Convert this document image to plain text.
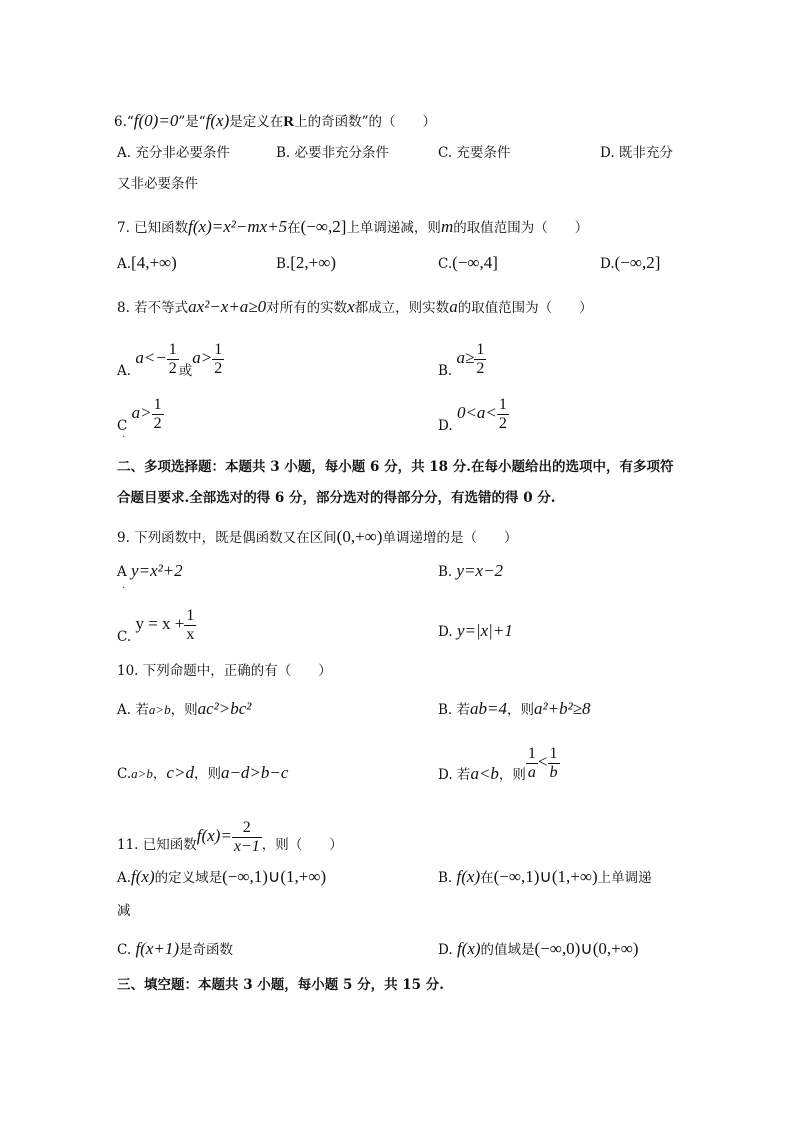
6.“f(0)=0”是“f(x)是定义在R上的奇函数”的（　　）
A. 充分非必要条件	B. 必要非充分条件	C. 充要条件	D. 既非充分
又非必要条件
7. 已知函数f(x)=x²−mx+5在(−∞,2]上单调递减，则m的取值范围为（　　）
A.[4,+∞)	B.[2,+∞)	C.(−∞,4]	D.(−∞,2]
8. 若不等式ax²−x+a≥0对所有的实数x都成立，则实数a的取值范围为（　　）
A. $a<- \frac{1}{2}$ 或$a> \frac{1}{2}$	B. $a\ge \frac{1}{2}$
C $a> \frac{1}{2}$
·
D. $0<a< \frac{1}{2}$
二、多项选择题：本题共 3 小题，每小题 6 分，共 18 分.在每小题给出的选项中，有多项符
合题目要求.全部选对的得 6 分，部分选对的得部分分，有选错的得 0 分.
9. 下列函数中，既是偶函数又在区间(0,+∞)单调递增的是（　　）
A y=x²+2
·
B. y=x−2
C. $y = x + \frac{1}{x}$	D. y=|x|+1
10. 下列命题中，正确的有（　　）
A. 若a>b，则ac²>bc²	B. 若ab=4，则a²+b²≥8
C.a>b，c>d，则a−d>b−c	D. 若a<b，则 $\frac{1}{a} < \frac{1}{b}$
11. 已知函数$f(x)= \frac{2}{x-1}$ ，则（　　）
A.f(x)的定义域是(−∞,1)∪(1,+∞)	B. f(x)在(−∞,1)∪(1,+∞)上单调递
减
C. f(x+1)是奇函数	D. f(x)的值域是(−∞,0)∪(0,+∞)
三、填空题：本题共 3 小题，每小题 5 分，共 15 分.
